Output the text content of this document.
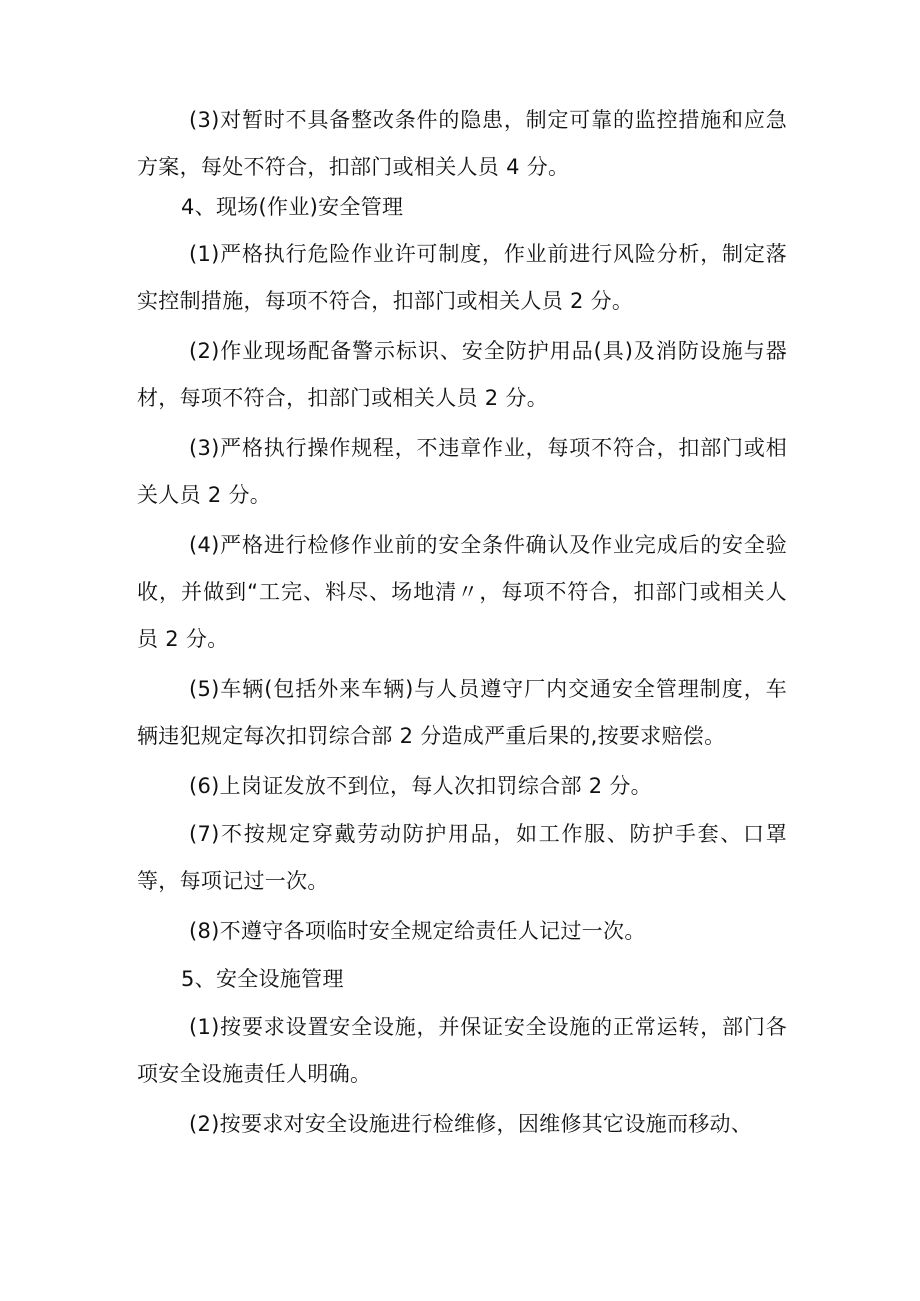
(3)对暂时不具备整改条件的隐患，制定可靠的监控措施和应急方案，每处不符合，扣部门或相关人员 4 分。

4、现场(作业)安全管理

(1)严格执行危险作业许可制度，作业前进行风险分析，制定落实控制措施，每项不符合，扣部门或相关人员 2 分。

(2)作业现场配备警示标识、安全防护用品(具)及消防设施与器材，每项不符合，扣部门或相关人员 2 分。

(3)严格执行操作规程，不违章作业，每项不符合，扣部门或相关人员 2 分。

(4)严格进行检修作业前的安全条件确认及作业完成后的安全验收，并做到“工完、料尽、场地清〃，每项不符合，扣部门或相关人员 2 分。

(5)车辆(包括外来车辆)与人员遵守厂内交通安全管理制度，车辆违犯规定每次扣罚综合部 2 分造成严重后果的,按要求赔偿。

(6)上岗证发放不到位，每人次扣罚综合部 2 分。

(7)不按规定穿戴劳动防护用品，如工作服、防护手套、口罩等，每项记过一次。

(8)不遵守各项临时安全规定给责任人记过一次。

5、安全设施管理

(1)按要求设置安全设施，并保证安全设施的正常运转，部门各项安全设施责任人明确。

(2)按要求对安全设施进行检维修，因维修其它设施而移动、
